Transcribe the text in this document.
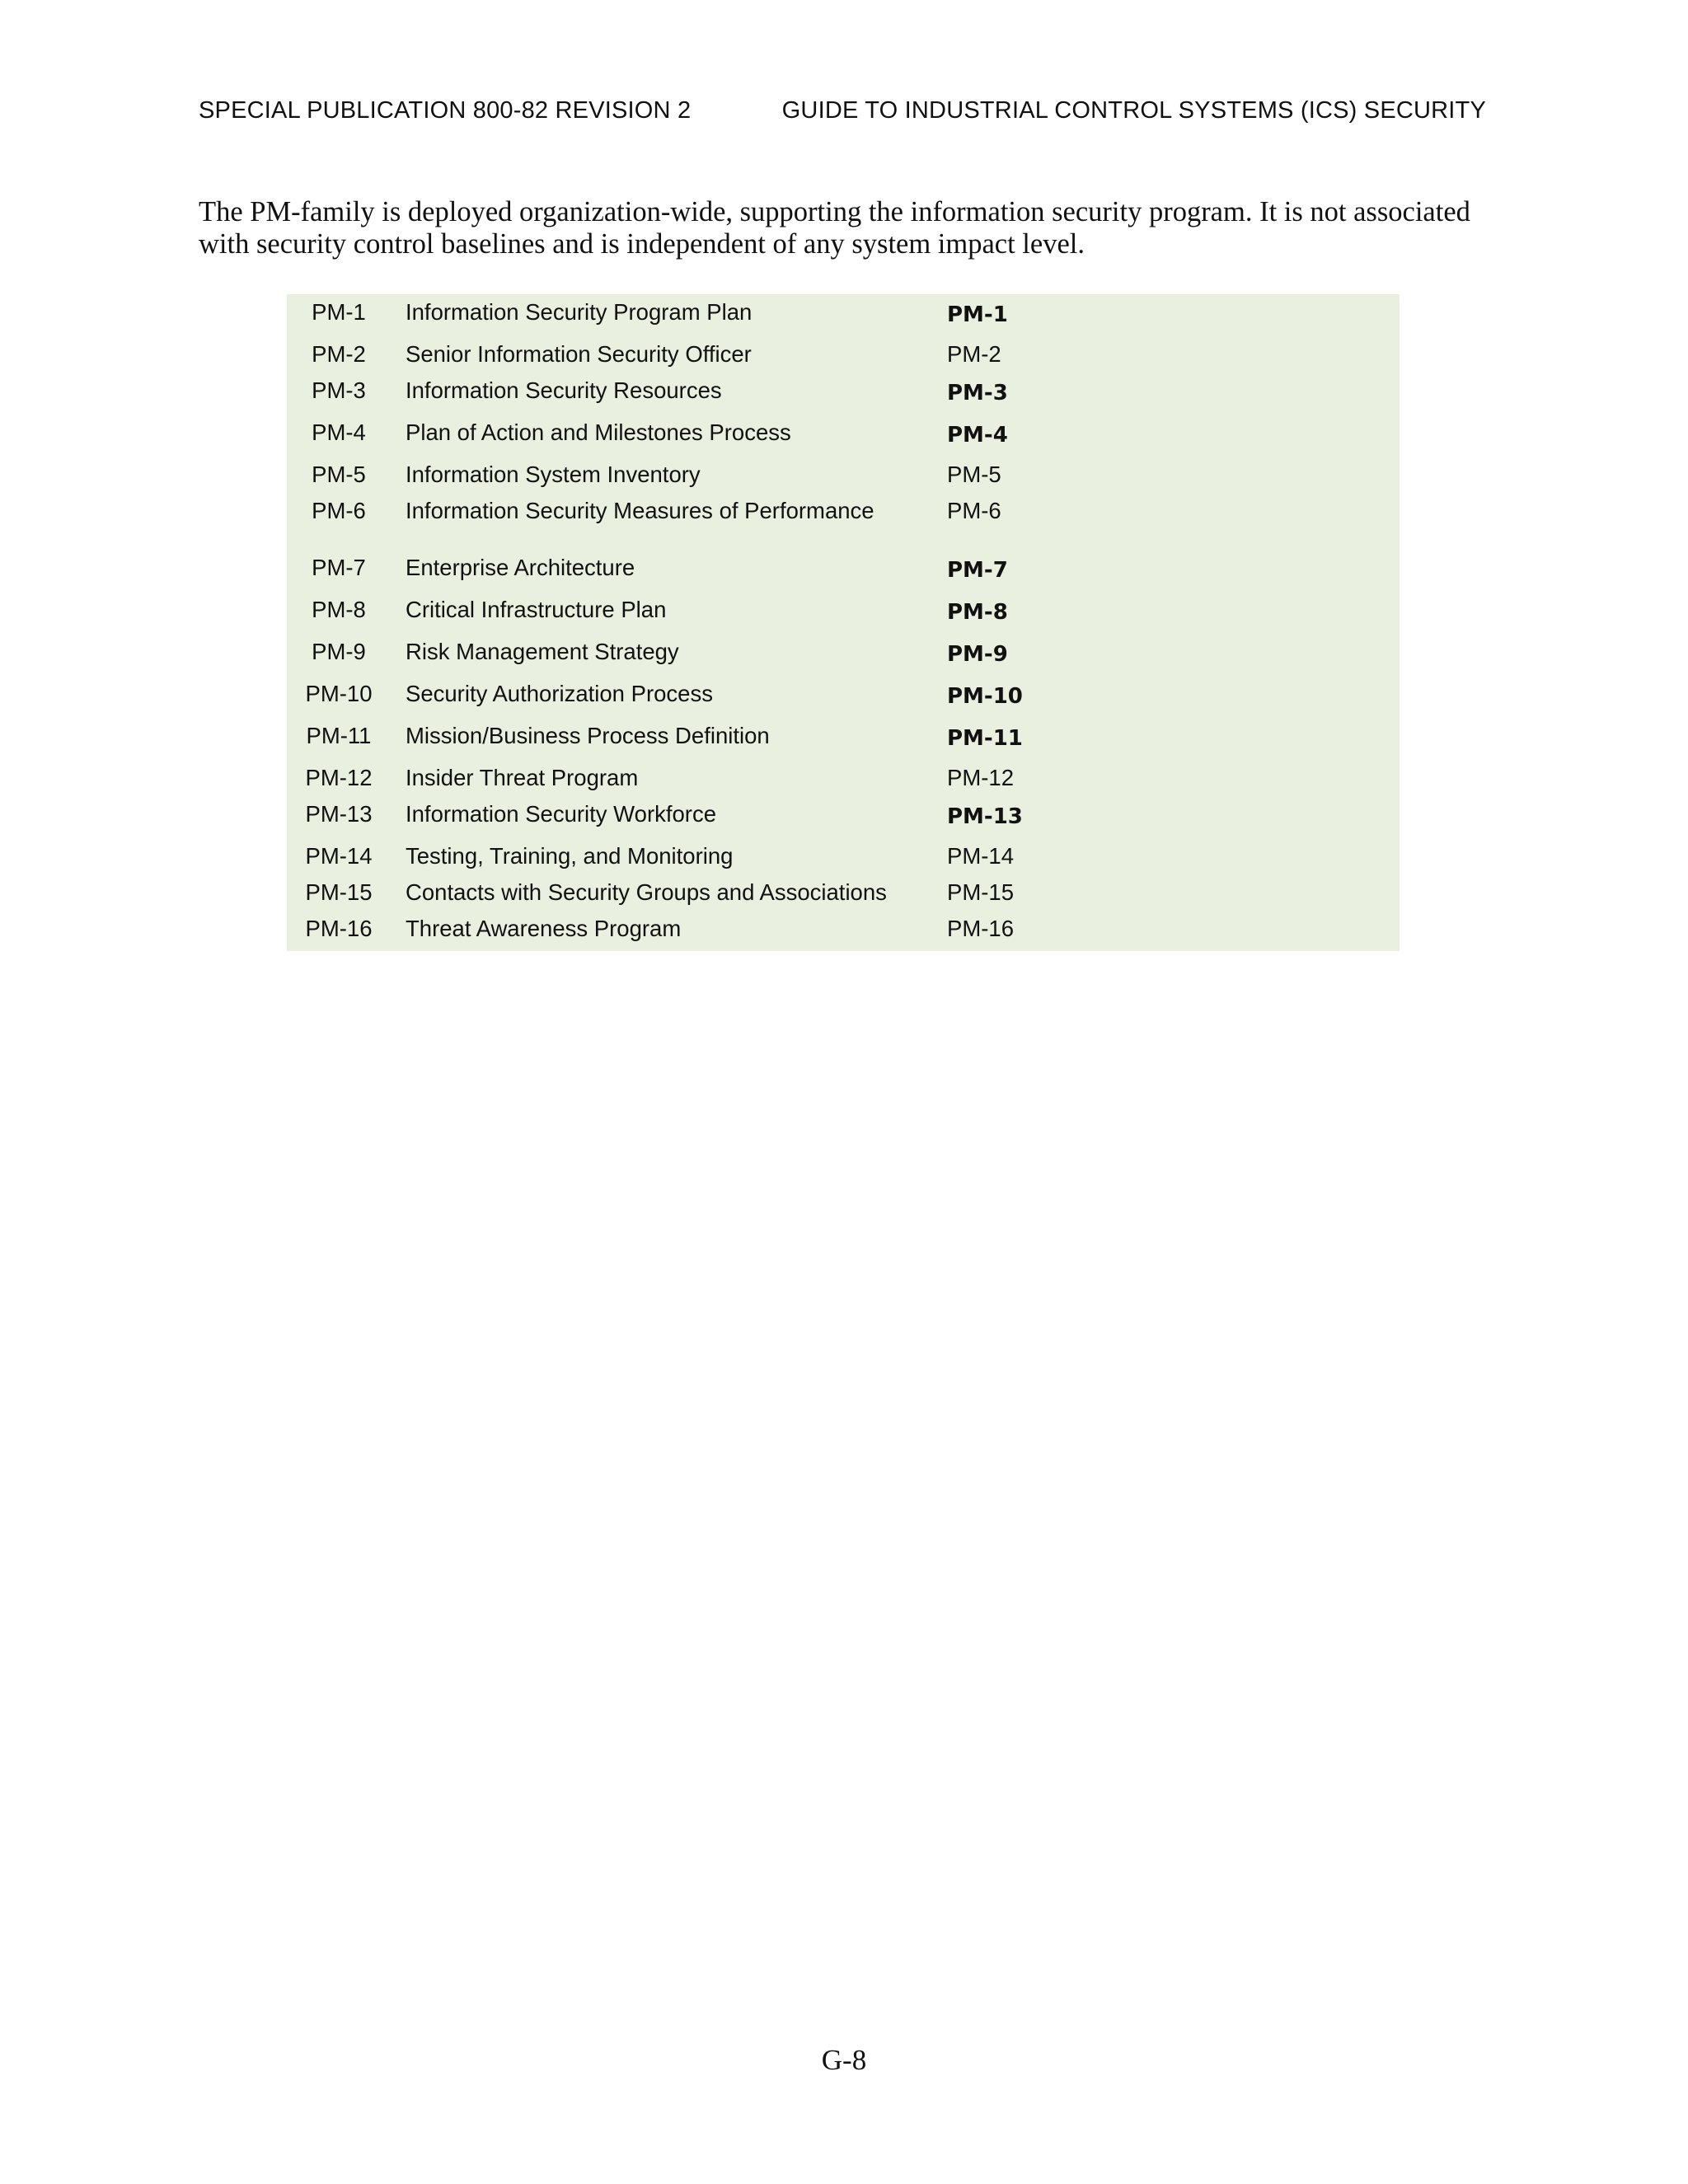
SPECIAL PUBLICATION 800-82 REVISION 2	GUIDE TO INDUSTRIAL CONTROL SYSTEMS (ICS) SECURITY

The PM-family is deployed organization-wide, supporting the information security program. It is not associated with security control baselines and is independent of any system impact level.

PM-1	Information Security Program Plan	PM-1
PM-2	Senior Information Security Officer	PM-2
PM-3	Information Security Resources	PM-3
PM-4	Plan of Action and Milestones Process	PM-4
PM-5	Information System Inventory	PM-5
PM-6	Information Security Measures of Performance	PM-6
PM-7	Enterprise Architecture	PM-7
PM-8	Critical Infrastructure Plan	PM-8
PM-9	Risk Management Strategy	PM-9
PM-10	Security Authorization Process	PM-10
PM-11	Mission/Business Process Definition	PM-11
PM-12	Insider Threat Program	PM-12
PM-13	Information Security Workforce	PM-13
PM-14	Testing, Training, and Monitoring	PM-14
PM-15	Contacts with Security Groups and Associations	PM-15
PM-16	Threat Awareness Program	PM-16
G-8
